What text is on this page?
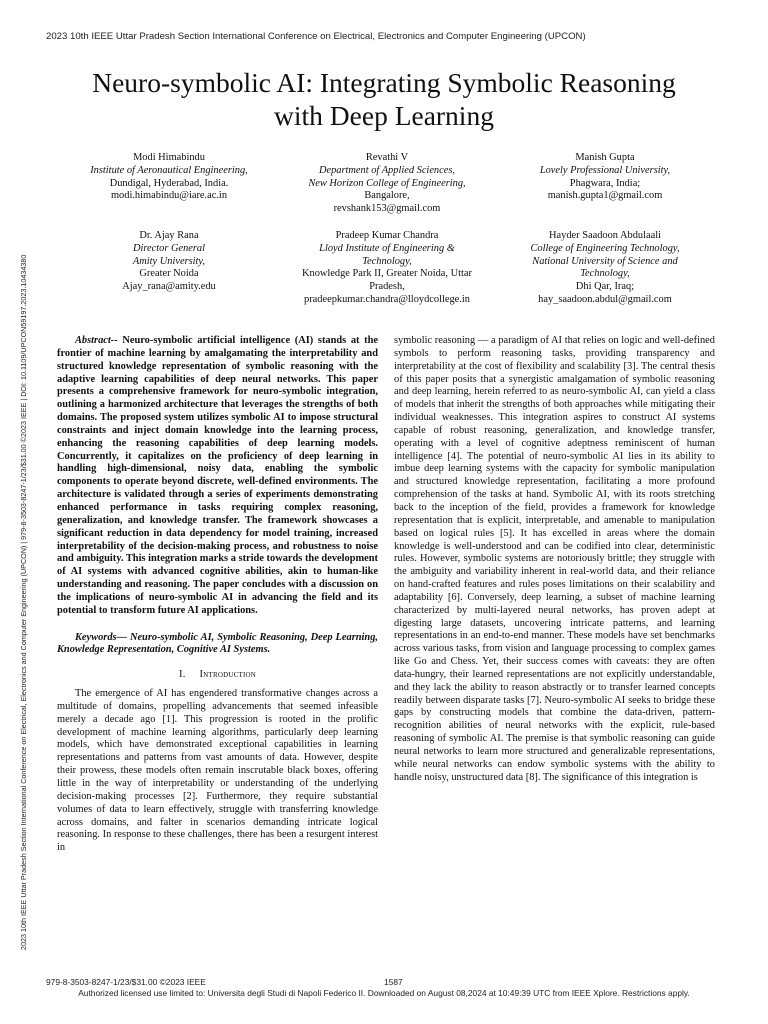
2023 10th IEEE Uttar Pradesh Section International Conference on Electrical, Electronics and Computer Engineering (UPCON)
2023 10th IEEE Uttar Pradesh Section International Conference on Electrical, Electronics and Computer Engineering (UPCON) | 979-8-3503-8247-1/23/$31.00 ©2023 IEEE | DOI: 10.1109/UPCON59197.2023.10434380
Neuro-symbolic AI: Integrating Symbolic Reasoning with Deep Learning
Modi Himabindu
Institute of Aeronautical Engineering,
Dundigal, Hyderabad, India.
modi.himabindu@iare.ac.in
Revathi V
Department of Applied Sciences,
New Horizon College of Engineering,
Bangalore,
revshank153@gmail.com
Manish Gupta
Lovely Professional University,
Phagwara, India;
manish.gupta1@gmail.com
Dr. Ajay Rana
Director General
Amity University,
Greater Noida
Ajay_rana@amity.edu
Pradeep Kumar Chandra
Lloyd Institute of Engineering &
Technology,
Knowledge Park II, Greater Noida, Uttar
Pradesh,
pradeepkumar.chandra@lloydcollege.in
Hayder Saadoon Abdulaali
College of Engineering Technology,
National University of Science and
Technology,
Dhi Qar, Iraq;
hay_saadoon.abdul@gmail.com

Abstract-- Neuro-symbolic artificial intelligence (AI) stands at the frontier of machine learning by amalgamating the interpretability and structured knowledge representation of symbolic reasoning with the adaptive learning capabilities of deep neural networks. This paper presents a comprehensive framework for neuro-symbolic integration, outlining a harmonized architecture that leverages the strengths of both domains. The proposed system utilizes symbolic AI to impose structural constraints and inject domain knowledge into the learning process, enhancing the reasoning capabilities of deep learning models. Concurrently, it capitalizes on the proficiency of deep learning in handling high-dimensional, noisy data, enabling the symbolic components to operate beyond discrete, well-defined environments. The architecture is validated through a series of experiments demonstrating enhanced performance in tasks requiring complex reasoning, generalization, and knowledge transfer. The framework showcases a significant reduction in data dependency for model training, increased interpretability of the decision-making process, and robustness to noise and ambiguity. This integration marks a stride towards the development of AI systems with advanced cognitive abilities, akin to human-like understanding and reasoning. The paper concludes with a discussion on the implications of neuro-symbolic AI in advancing the field and its potential to transform future AI applications.

Keywords— Neuro-symbolic AI, Symbolic Reasoning, Deep Learning, Knowledge Representation, Cognitive AI Systems.

I. Introduction

The emergence of AI has engendered transformative changes across a multitude of domains, propelling advancements that seemed infeasible merely a decade ago [1]. This progression is rooted in the prolific development of machine learning algorithms, particularly deep learning models, which have demonstrated exceptional capabilities in learning representations and patterns from vast amounts of data. However, despite their prowess, these models often remain inscrutable black boxes, offering little in the way of interpretability or understanding of the underlying decision-making processes [2]. Furthermore, they require substantial volumes of data to learn effectively, struggle with transferring knowledge across domains, and falter in scenarios demanding intricate logical reasoning. In response to these challenges, there has been a resurgent interest in

symbolic reasoning — a paradigm of AI that relies on logic and well-defined symbols to perform reasoning tasks, providing transparency and interpretability at the cost of flexibility and scalability [3]. The central thesis of this paper posits that a synergistic amalgamation of symbolic reasoning and deep learning, herein referred to as neuro-symbolic AI, can yield a class of models that inherit the strengths of both approaches while mitigating their individual weaknesses. This integration aspires to construct AI systems capable of robust reasoning, generalization, and knowledge transfer, operating with a level of cognitive adeptness reminiscent of human intelligence [4]. The potential of neuro-symbolic AI lies in its ability to imbue deep learning systems with the capacity for symbolic manipulation and structured knowledge representation, facilitating a more profound comprehension of the tasks at hand. Symbolic AI, with its roots stretching back to the inception of the field, provides a framework for knowledge representation that is explicit, interpretable, and amenable to manipulation based on logical rules [5]. It has excelled in areas where the domain knowledge is well-understood and can be codified into clear, deterministic rules. However, symbolic systems are notoriously brittle; they struggle with the ambiguity and variability inherent in real-world data, and their reliance on hand-crafted features and rules poses limitations on their scalability and adaptability [6]. Conversely, deep learning, a subset of machine learning characterized by multi-layered neural networks, has proven adept at digesting large datasets, uncovering intricate patterns, and learning representations in an end-to-end manner. These models have set benchmarks across various tasks, from vision and language processing to complex games like Go and Chess. Yet, their success comes with caveats: they are often data-hungry, their learned representations are not explicitly understandable, and they lack the ability to reason abstractly or to transfer learned concepts readily between disparate tasks [7]. Neuro-symbolic AI seeks to bridge these gaps by constructing models that combine the data-driven, pattern-recognition abilities of neural networks with the explicit, rule-based reasoning of symbolic AI. The premise is that symbolic reasoning can guide neural networks to learn more structured and generalizable representations, while neural networks can endow symbolic systems with the ability to handle noisy, unstructured data [8]. The significance of this integration is

979-8-3503-8247-1/23/$31.00 ©2023 IEEE	1587
Authorized licensed use limited to: Universita degli Studi di Napoli Federico II. Downloaded on August 08,2024 at 10:49:39 UTC from IEEE Xplore. Restrictions apply.
